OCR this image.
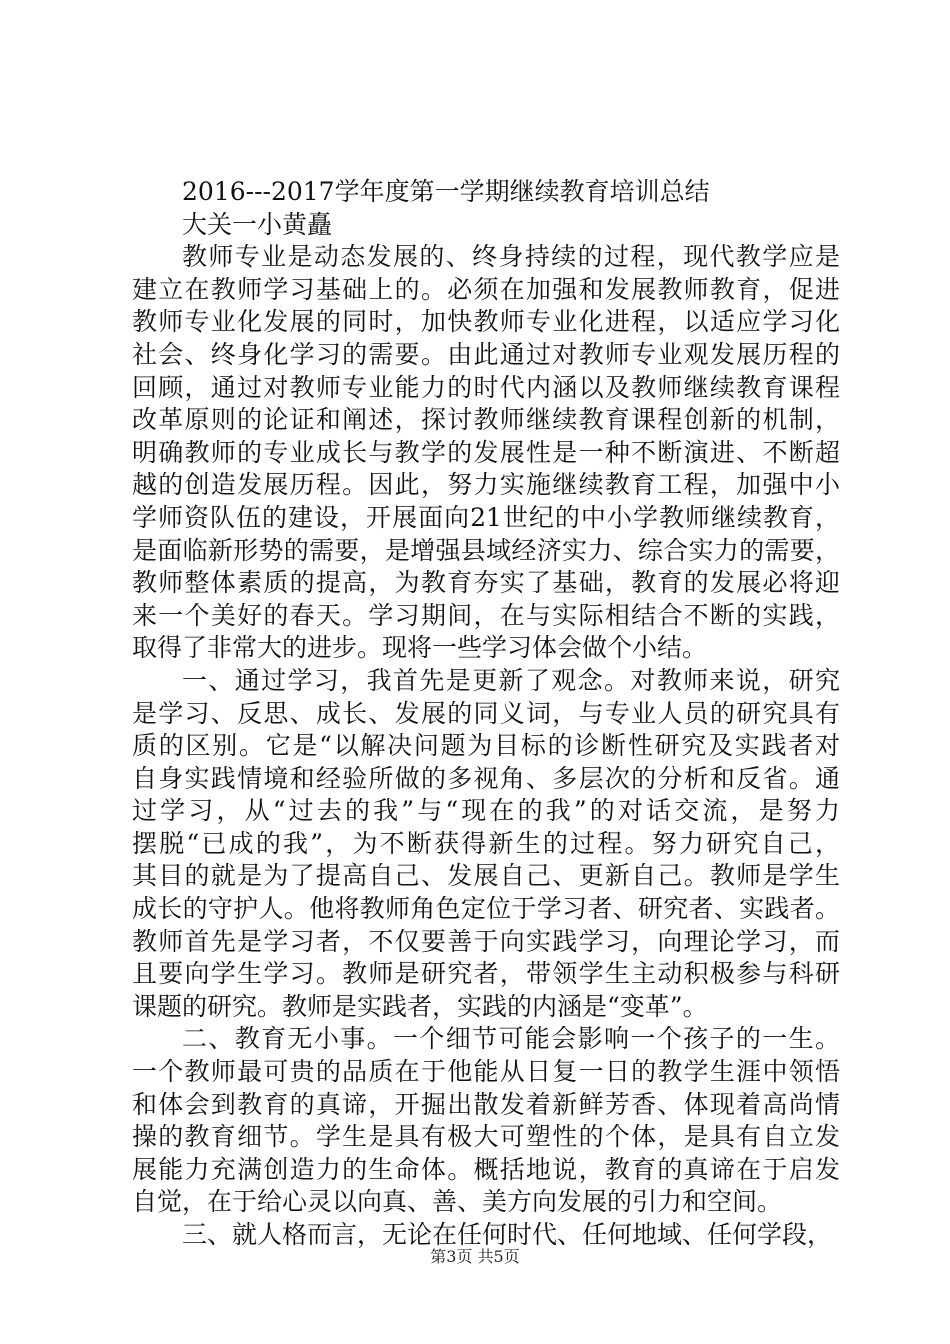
2016---2017学年度第一学期继续教育培训总结
大关一小黄矗
教师专业是动态发展的、终身持续的过程，现代教学应是
建立在教师学习基础上的。必须在加强和发展教师教育，促进
教师专业化发展的同时，加快教师专业化进程，以适应学习化
社会、终身化学习的需要。由此通过对教师专业观发展历程的
回顾，通过对教师专业能力的时代内涵以及教师继续教育课程
改革原则的论证和阐述，探讨教师继续教育课程创新的机制，
明确教师的专业成长与教学的发展性是一种不断演进、不断超
越的创造发展历程。因此，努力实施继续教育工程，加强中小
学师资队伍的建设，开展面向21世纪的中小学教师继续教育，
是面临新形势的需要，是增强县域经济实力、综合实力的需要，
教师整体素质的提高，为教育夯实了基础，教育的发展必将迎
来一个美好的春天。学习期间，在与实际相结合不断的实践，
取得了非常大的进步。现将一些学习体会做个小结。
一、通过学习，我首先是更新了观念。对教师来说，研究
是学习、反思、成长、发展的同义词，与专业人员的研究具有
质的区别。它是“以解决问题为目标的诊断性研究及实践者对
自身实践情境和经验所做的多视角、多层次的分析和反省。通
过学习，从“过去的我”与“现在的我”的对话交流，是努力
摆脱“已成的我”，为不断获得新生的过程。努力研究自己，
其目的就是为了提高自己、发展自己、更新自己。教师是学生
成长的守护人。他将教师角色定位于学习者、研究者、实践者。
教师首先是学习者，不仅要善于向实践学习，向理论学习，而
且要向学生学习。教师是研究者，带领学生主动积极参与科研
课题的研究。教师是实践者，实践的内涵是“变革”。
二、教育无小事。一个细节可能会影响一个孩子的一生。
一个教师最可贵的品质在于他能从日复一日的教学生涯中领悟
和体会到教育的真谛，开掘出散发着新鲜芳香、体现着高尚情
操的教育细节。学生是具有极大可塑性的个体，是具有自立发
展能力充满创造力的生命体。概括地说，教育的真谛在于启发
自觉，在于给心灵以向真、善、美方向发展的引力和空间。
三、就人格而言，无论在任何时代、任何地域、任何学段，
第3页 共5页
